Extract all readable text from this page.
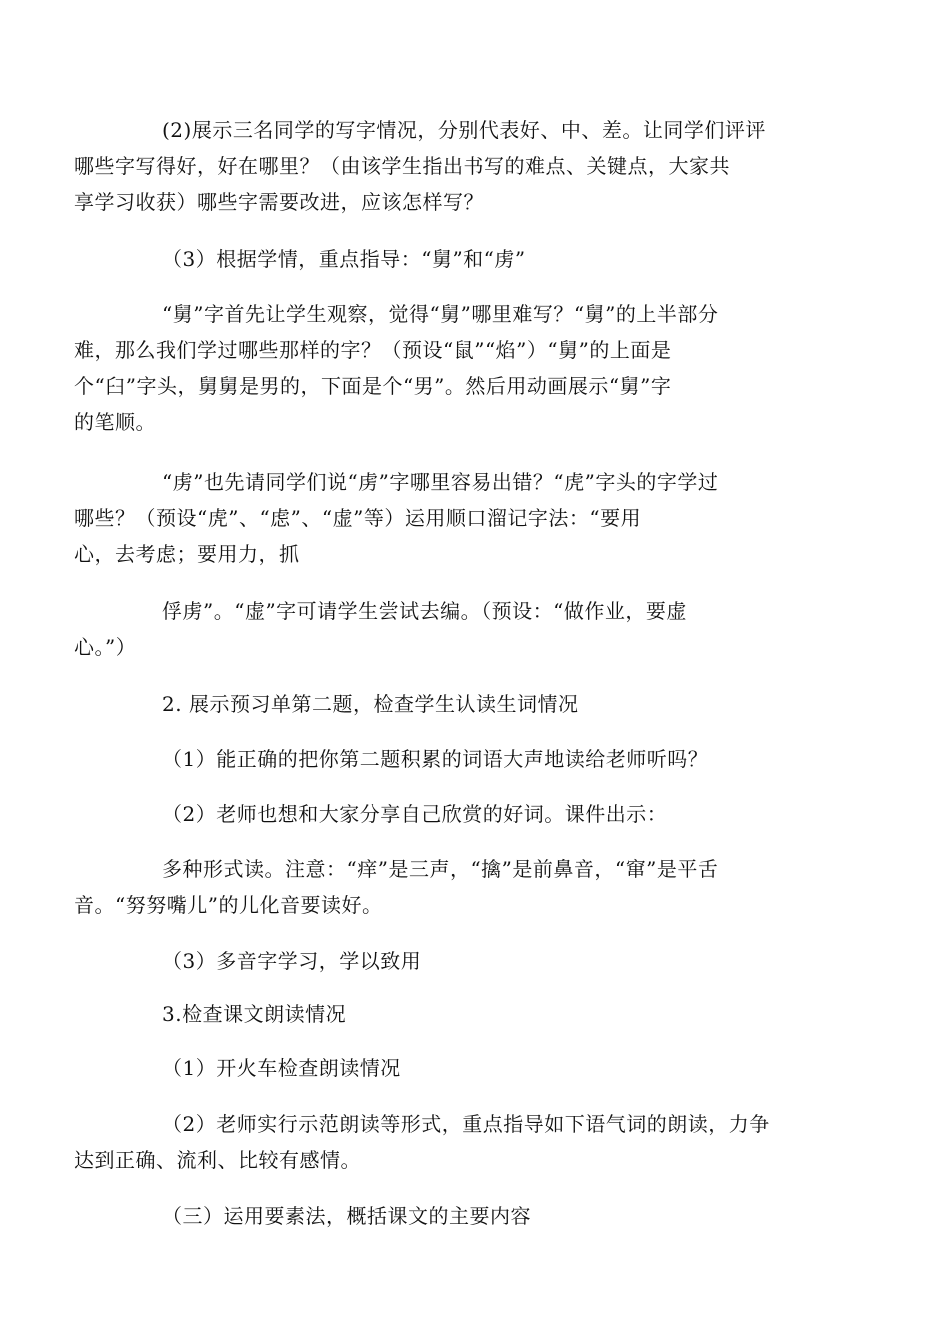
(2)展示三名同学的写字情况，分别代表好、中、差。让同学们评评
哪些字写得好，好在哪里？（由该学生指出书写的难点、关键点，大家共
享学习收获）哪些字需要改进，应该怎样写？

（3）根据学情，重点指导：“舅”和“虏”

“舅”字首先让学生观察，觉得“舅”哪里难写？“舅”的上半部分
难，那么我们学过哪些那样的字？（预设“鼠”“焰”）“舅”的上面是
个“臼”字头，舅舅是男的，下面是个“男”。然后用动画展示“舅”字
的笔顺。

“虏”也先请同学们说“虏”字哪里容易出错？“虎”字头的字学过
哪些？（预设“虎”、“虑”、“虚”等）运用顺口溜记字法：“要用
心，去考虑；要用力，抓

俘虏”。“虚”字可请学生尝试去编。（预设：“做作业，要虚
心。”）

2. 展示预习单第二题，检查学生认读生词情况

（1）能正确的把你第二题积累的词语大声地读给老师听吗？

（2）老师也想和大家分享自己欣赏的好词。课件出示：

多种形式读。注意：“痒”是三声，“擒”是前鼻音，“窜”是平舌
音。“努努嘴儿”的儿化音要读好。

（3）多音字学习，学以致用

3.检查课文朗读情况

（1）开火车检查朗读情况

（2）老师实行示范朗读等形式，重点指导如下语气词的朗读，力争
达到正确、流利、比较有感情。

（三）运用要素法，概括课文的主要内容
